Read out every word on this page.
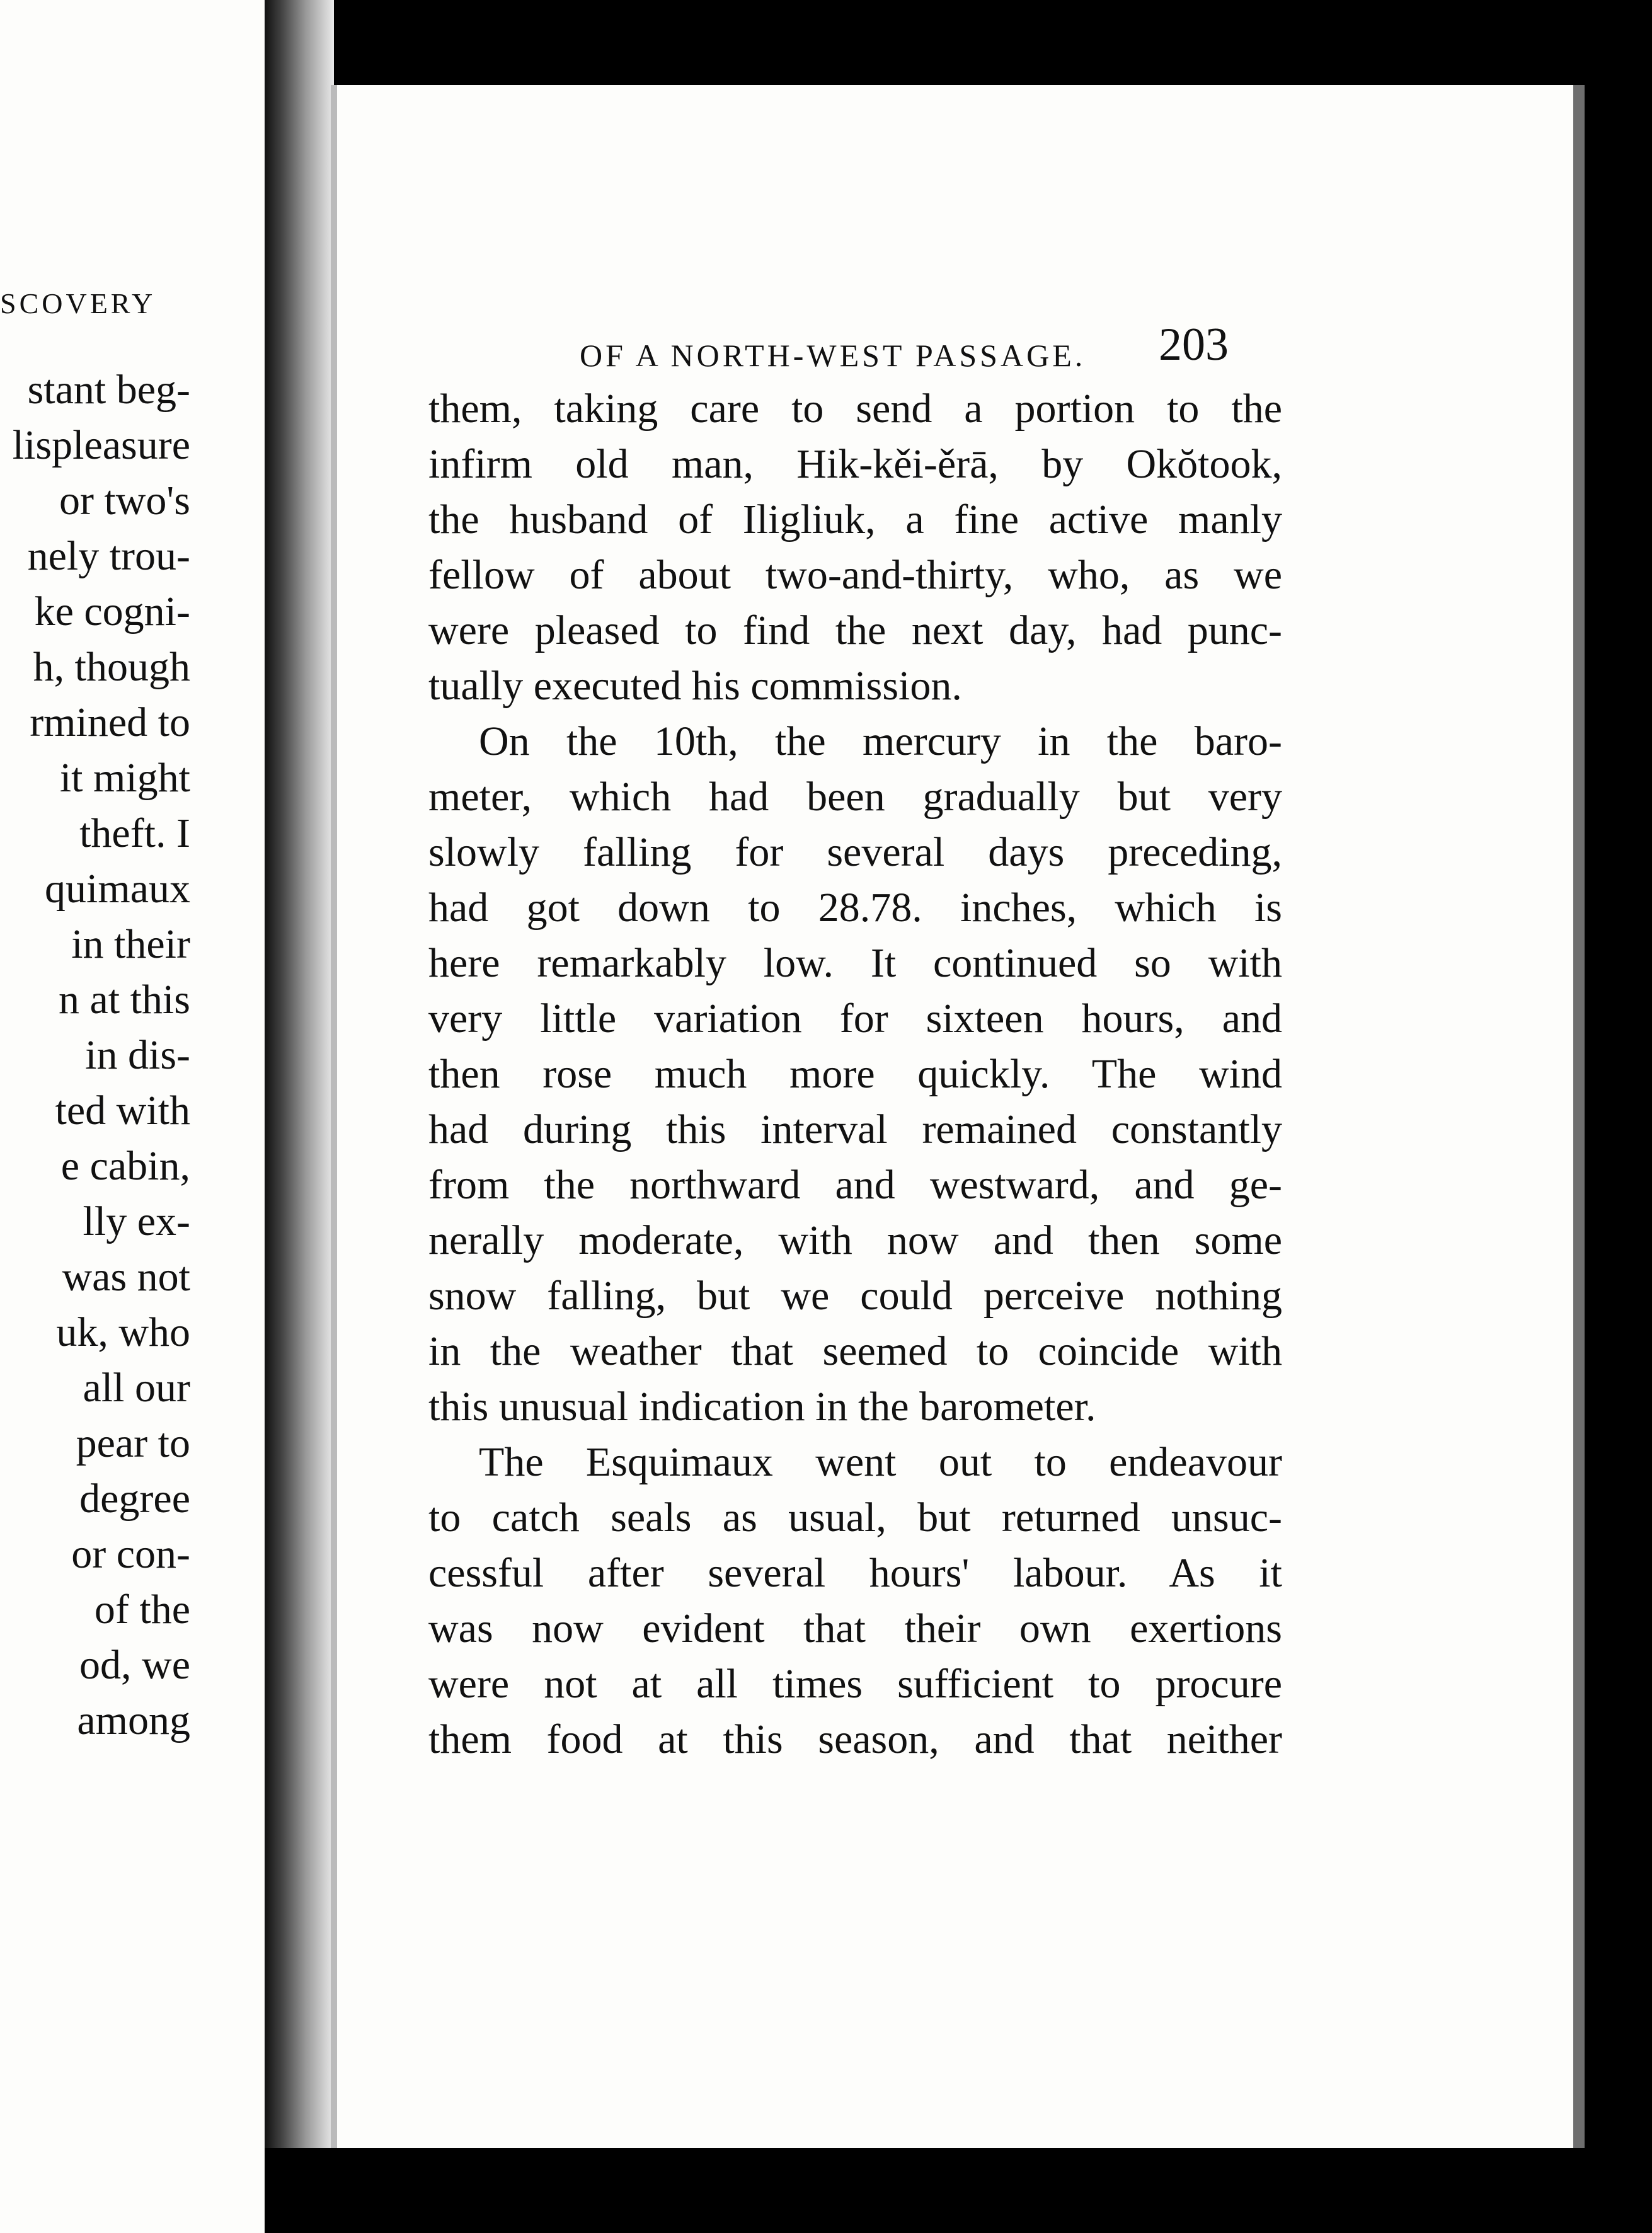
SCOVERY
stant beg-
lispleasure
or two's
nely trou-
ke cogni-
h, though
rmined to
it might
theft. I
quimaux
in their
n at this
in dis-
ted with
e cabin,
lly ex-
was not
uk, who
all our
pear to
degree
or con-
of the
od, we
among
OF A NORTH-WEST PASSAGE. 203
them, taking care to send a portion to the
infirm old man, Hik-kěi-ěrā, by Okŏtook,
the husband of Iligliuk, a fine active manly
fellow of about two-and-thirty, who, as we
were pleased to find the next day, had punc-
tually executed his commission.
On the 10th, the mercury in the baro-
meter, which had been gradually but very
slowly falling for several days preceding,
had got down to 28.78. inches, which is
here remarkably low. It continued so with
very little variation for sixteen hours, and
then rose much more quickly. The wind
had during this interval remained constantly
from the northward and westward, and ge-
nerally moderate, with now and then some
snow falling, but we could perceive nothing
in the weather that seemed to coincide with
this unusual indication in the barometer.
The Esquimaux went out to endeavour
to catch seals as usual, but returned unsuc-
cessful after several hours' labour. As it
was now evident that their own exertions
were not at all times sufficient to procure
them food at this season, and that neither
